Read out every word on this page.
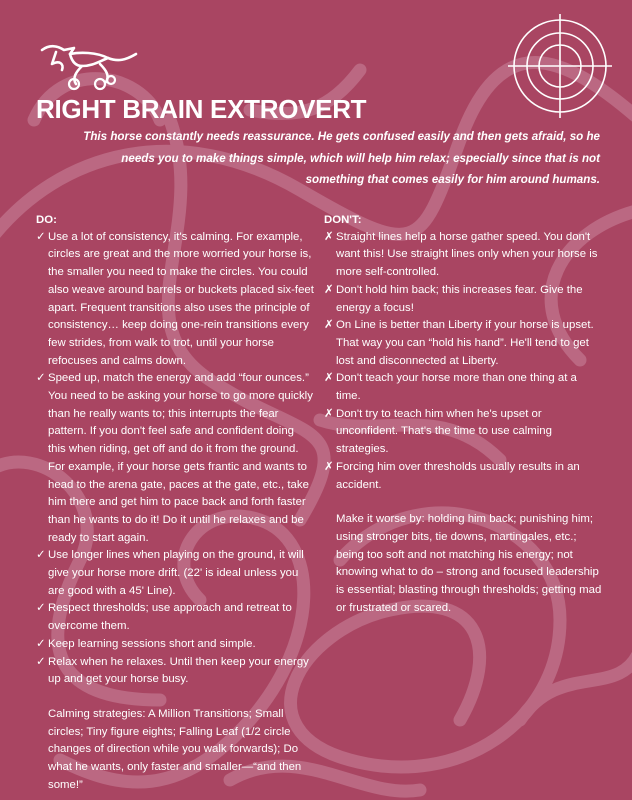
RIGHT BRAIN EXTROVERT

This horse constantly needs reassurance. He gets confused easily and then gets afraid, so he needs you to make things simple, which will help him relax; especially since that is not something that comes easily for him around humans.

DO:
✓ Use a lot of consistency, it's calming. For example, circles are great and the more worried your horse is, the smaller you need to make the circles. You could also weave around barrels or buckets placed six-feet apart. Frequent transitions also uses the principle of consistency… keep doing one-rein transitions every few strides, from walk to trot, until your horse refocuses and calms down.
✓ Speed up, match the energy and add “four ounces.” You need to be asking your horse to go more quickly than he really wants to; this interrupts the fear pattern. If you don't feel safe and confident doing this when riding, get off and do it from the ground. For example, if your horse gets frantic and wants to head to the arena gate, paces at the gate, etc., take him there and get him to pace back and forth faster than he wants to do it! Do it until he relaxes and be ready to start again.
✓ Use longer lines when playing on the ground, it will give your horse more drift. (22' is ideal unless you are good with a 45' Line).
✓ Respect thresholds; use approach and retreat to overcome them.
✓ Keep learning sessions short and simple.
✓ Relax when he relaxes. Until then keep your energy up and get your horse busy.

Calming strategies: A Million Transitions; Small circles; Tiny figure eights; Falling Leaf (1/2 circle changes of direction while you walk forwards); Do what he wants, only faster and smaller—“and then some!”

DON'T:
✗ Straight lines help a horse gather speed. You don't want this! Use straight lines only when your horse is more self-controlled.
✗ Don't hold him back; this increases fear. Give the energy a focus!
✗ On Line is better than Liberty if your horse is upset. That way you can “hold his hand”. He'll tend to get lost and disconnected at Liberty.
✗ Don't teach your horse more than one thing at a time.
✗ Don't try to teach him when he's upset or unconfident. That's the time to use calming strategies.
✗ Forcing him over thresholds usually results in an accident.

Make it worse by: holding him back; punishing him; using stronger bits, tie downs, martingales, etc.; being too soft and not matching his energy; not knowing what to do – strong and focused leadership is essential; blasting through thresholds; getting mad or frustrated or scared.
